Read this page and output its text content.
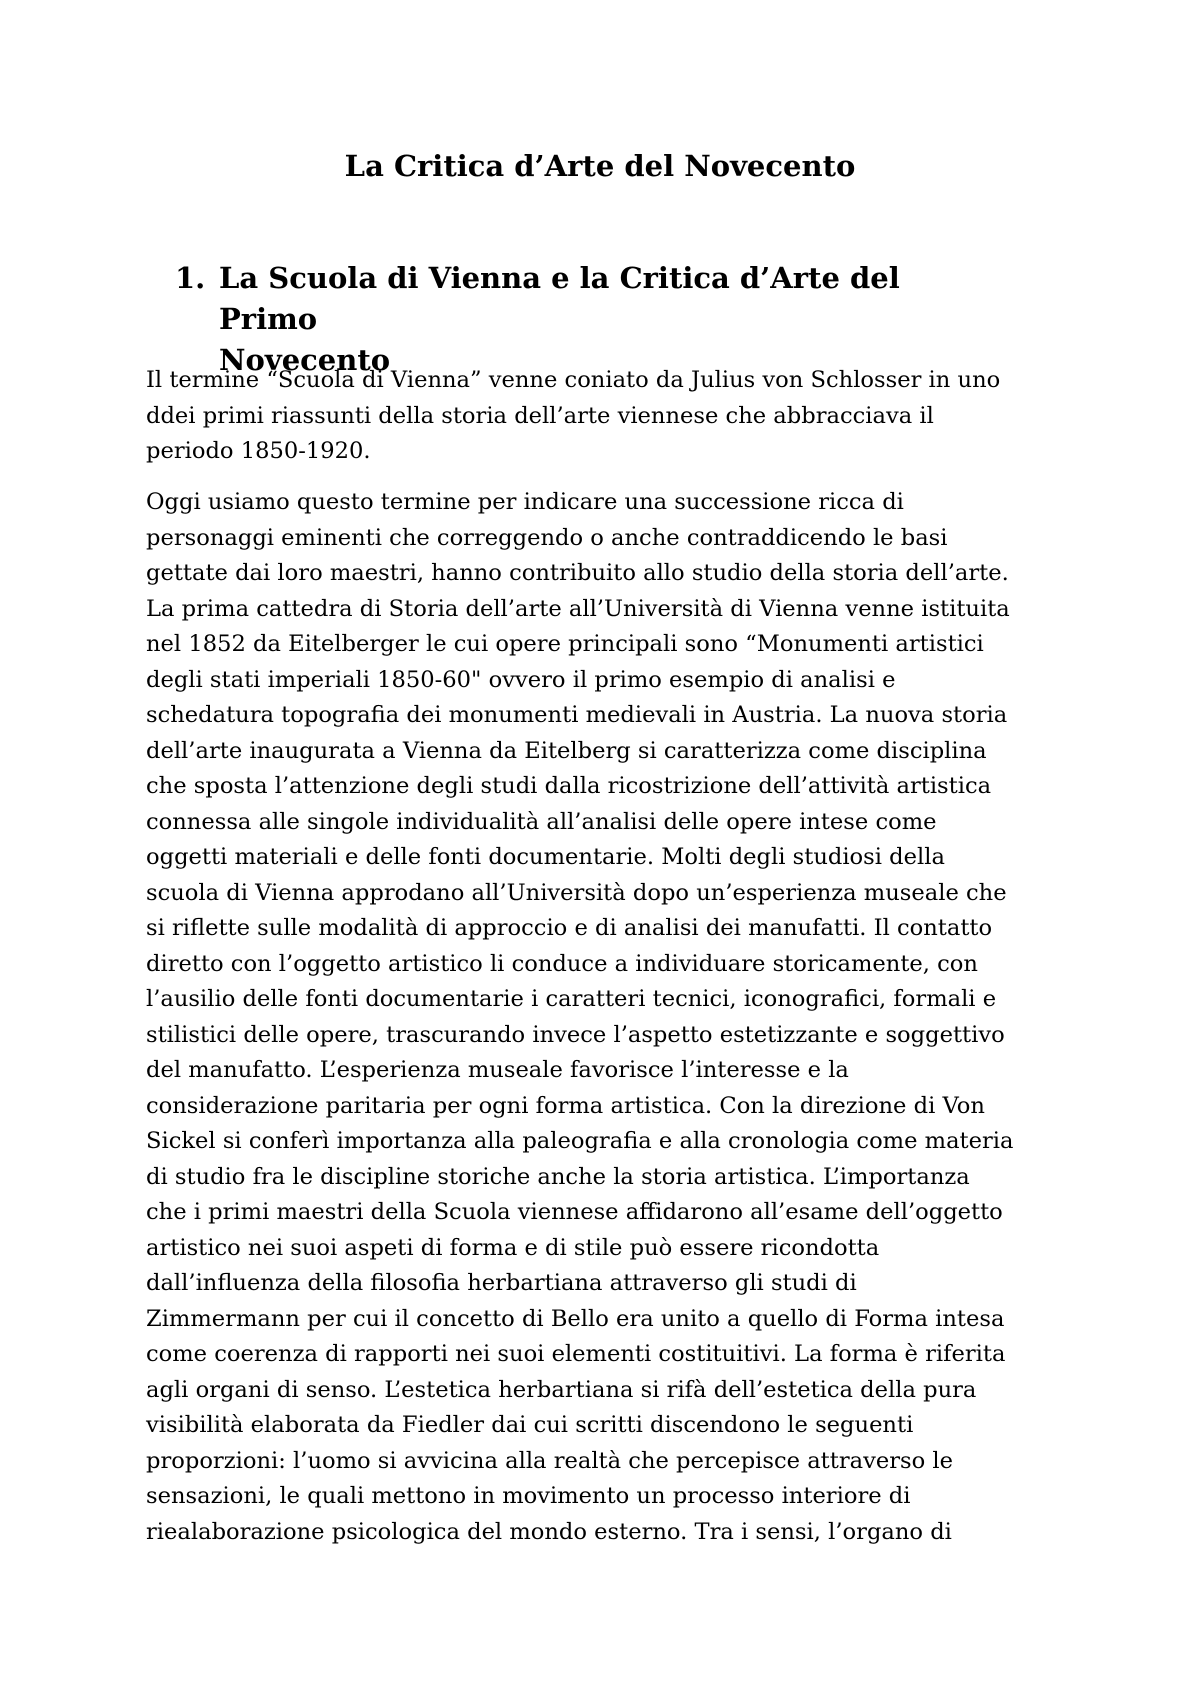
La Critica d’Arte del Novecento
1. La Scuola di Vienna e la Critica d’Arte del Primo
Novecento

Il termine “Scuola di Vienna” venne coniato da Julius von Schlosser in uno
ddei primi riassunti della storia dell’arte viennese che abbracciava il
periodo 1850-1920.

Oggi usiamo questo termine per indicare una successione ricca di
personaggi eminenti che correggendo o anche contraddicendo le basi
gettate dai loro maestri, hanno contribuito allo studio della storia dell’arte.
La prima cattedra di Storia dell’arte all’Università di Vienna venne istituita
nel 1852 da Eitelberger le cui opere principali sono “Monumenti artistici
degli stati imperiali 1850-60" ovvero il primo esempio di analisi e
schedatura topografia dei monumenti medievali in Austria. La nuova storia
dell’arte inaugurata a Vienna da Eitelberg si caratterizza come disciplina
che sposta l’attenzione degli studi dalla ricostrizione dell’attività artistica
connessa alle singole individualità all’analisi delle opere intese come
oggetti materiali e delle fonti documentarie. Molti degli studiosi della
scuola di Vienna approdano all’Università dopo un’esperienza museale che
si riflette sulle modalità di approccio e di analisi dei manufatti. Il contatto
diretto con l’oggetto artistico li conduce a individuare storicamente, con
l’ausilio delle fonti documentarie i caratteri tecnici, iconografici, formali e
stilistici delle opere, trascurando invece l’aspetto estetizzante e soggettivo
del manufatto. L’esperienza museale favorisce l’interesse e la
considerazione paritaria per ogni forma artistica. Con la direzione di Von
Sickel si conferì importanza alla paleografia e alla cronologia come materia
di studio fra le discipline storiche anche la storia artistica. L’importanza
che i primi maestri della Scuola viennese affidarono all’esame dell’oggetto
artistico nei suoi aspeti di forma e di stile può essere ricondotta
dall’influenza della filosofia herbartiana attraverso gli studi di
Zimmermann per cui il concetto di Bello era unito a quello di Forma intesa
come coerenza di rapporti nei suoi elementi costituitivi. La forma è riferita
agli organi di senso. L’estetica herbartiana si rifà dell’estetica della pura
visibilità elaborata da Fiedler dai cui scritti discendono le seguenti
proporzioni: l’uomo si avvicina alla realtà che percepisce attraverso le
sensazioni, le quali mettono in movimento un processo interiore di
riealaborazione psicologica del mondo esterno. Tra i sensi, l’organo di
